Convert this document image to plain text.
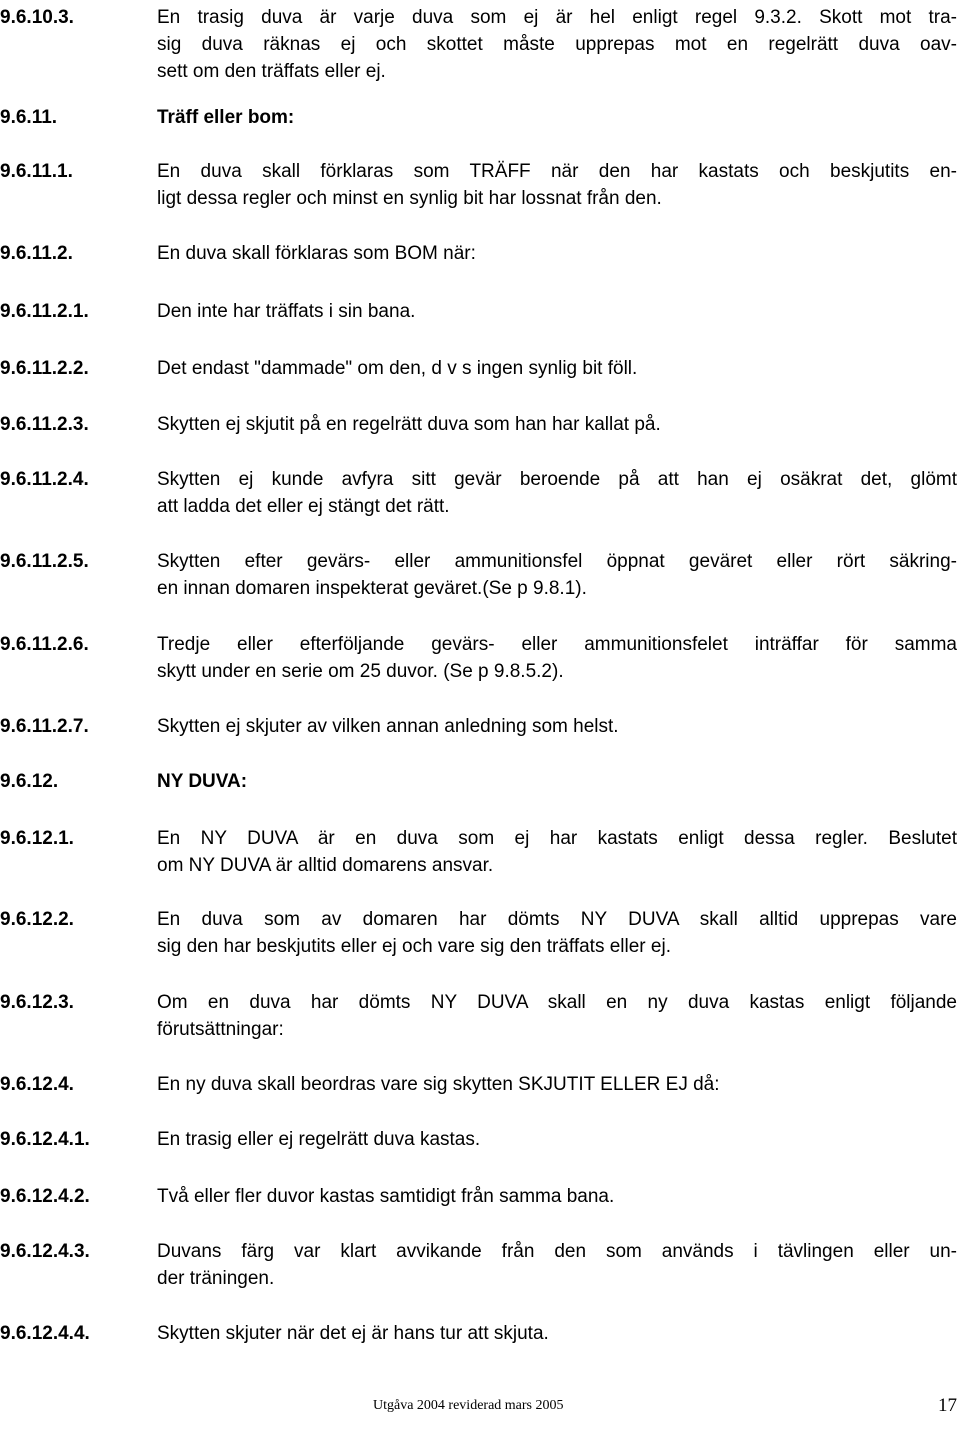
9.6.10.3.	En trasig duva är varje duva som ej är hel enligt regel 9.3.2. Skott mot tra-
sig duva räknas ej och skottet måste upprepas mot en regelrätt duva oav-
sett om den träffats eller ej.
9.6.11.	Träff eller bom:
9.6.11.1.	En duva skall förklaras som TRÄFF när den har kastats och beskjutits en-
ligt dessa regler och minst en synlig bit har lossnat från den.
9.6.11.2.	En duva skall förklaras som BOM när:
9.6.11.2.1.	Den inte har träffats i sin bana.
9.6.11.2.2.	Det endast "dammade" om den, d v s ingen synlig bit föll.
9.6.11.2.3.	Skytten ej skjutit på en regelrätt duva som han har kallat på.
9.6.11.2.4.	Skytten ej kunde avfyra sitt gevär beroende på att han ej osäkrat det, glömt
att ladda det eller ej stängt det rätt.
9.6.11.2.5.	Skytten efter gevärs- eller ammunitionsfel öppnat geväret eller rört säkring-
en innan domaren inspekterat geväret.(Se p 9.8.1).
9.6.11.2.6.	Tredje eller efterföljande gevärs- eller ammunitionsfelet inträffar för samma
skytt under en serie om 25 duvor. (Se p 9.8.5.2).
9.6.11.2.7.	Skytten ej skjuter av vilken annan anledning som helst.
9.6.12.	NY DUVA:
9.6.12.1.	En NY DUVA är en duva som ej har kastats enligt dessa regler. Beslutet
om NY DUVA är alltid domarens ansvar.
9.6.12.2.	En duva som av domaren har dömts NY DUVA skall alltid upprepas vare
sig den har beskjutits eller ej och vare sig den träffats eller ej.
9.6.12.3.	Om en duva har dömts NY DUVA skall en ny duva kastas enligt följande
förutsättningar:
9.6.12.4.	En ny duva skall beordras vare sig skytten SKJUTIT ELLER EJ då:
9.6.12.4.1.	En trasig eller ej regelrätt duva kastas.
9.6.12.4.2.	Två eller fler duvor kastas samtidigt från samma bana.
9.6.12.4.3.	Duvans färg var klart avvikande från den som används i tävlingen eller un-
der träningen.
9.6.12.4.4.	Skytten skjuter när det ej är hans tur att skjuta.
Utgåva 2004 reviderad mars 2005	17
